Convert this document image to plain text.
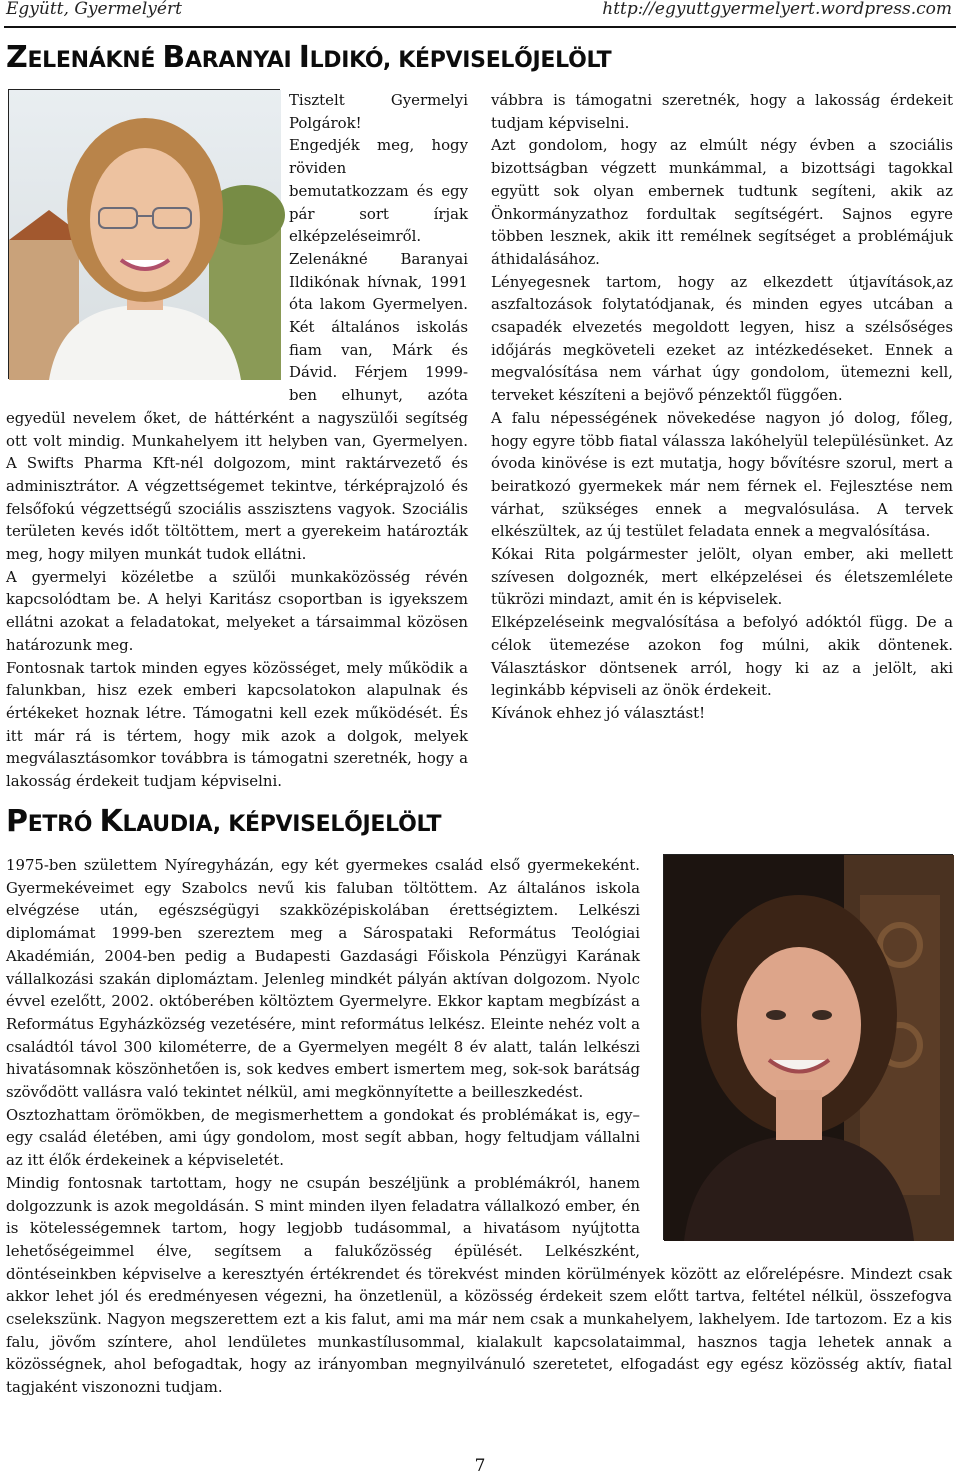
Együtt, Gyermelyért	http://egyuttgyermelyert.wordpress.com
ZELENÁKNÉ BARANYAI ILDIKÓ, KÉPVISELŐJELÖLT

Tisztelt Gyermelyi Polgárok!

Engedjék meg, hogy röviden bemutatkozzam és egy pár sort írjak elképzeléseimről. Zelenákné Baranyai Ildikónak hívnak, 1991 óta lakom Gyermelyen. Két általános iskolás fiam van, Márk és Dávid. Férjem 1999-ben elhunyt, azóta egyedül nevelem őket, de háttérként a nagyszülői segítség ott volt mindig. Munkahelyem itt helyben van, Gyermelyen. A Swifts Pharma Kft-nél dolgozom, mint raktárvezető és adminisztrátor. A végzettségemet tekintve, térképrajzoló és felsőfokú végzettségű szociális asszisztens vagyok. Szociális területen kevés időt töltöttem, mert a gyerekeim határozták meg, hogy milyen munkát tudok ellátni.

A gyermelyi közéletbe a szülői munkaközösség révén kapcsolódtam be. A helyi Karitász csoportban is igyekszem ellátni azokat a feladatokat, melyeket a társaimmal közösen határozunk meg.

Fontosnak tartok minden egyes közösséget, mely működik a falunkban, hisz ezek emberi kapcsolatokon alapulnak és értékeket hoznak létre. Támogatni kell ezek működését. És itt már rá is tértem, hogy mik azok a dolgok, melyek megválasztásomkor továbbra is támogatni szeretnék, hogy a lakosság érdekeit tudjam képviselni.

vábbra is támogatni szeretnék, hogy a lakosság érdekeit tudjam képviselni.

Azt gondolom, hogy az elmúlt négy évben a szociális bizottságban végzett munkámmal, a bizottsági tagokkal együtt sok olyan embernek tudtunk segíteni, akik az Önkormányzathoz fordultak segítségért. Sajnos egyre többen lesznek, akik itt remélnek segítséget a problémájuk áthidalásához.

Lényegesnek tartom, hogy az elkezdett útjavítások,az aszfaltozások folytatódjanak, és minden egyes utcában a csapadék elvezetés megoldott legyen, hisz a szélsőséges időjárás megköveteli ezeket az intézkedéseket. Ennek a megvalósítása nem várhat úgy gondolom, ütemezni kell, terveket készíteni a bejövő pénzektől függően.

A falu népességének növekedése nagyon jó dolog, főleg, hogy egyre több fiatal válassza lakóhelyül településünket. Az óvoda kinövése is ezt mutatja, hogy bővítésre szorul, mert a beiratkozó gyermekek már nem férnek el. Fejlesztése nem várhat, szükséges ennek a megvalósulása. A tervek elkészültek, az új testület feladata ennek a megvalósítása.

Kókai Rita polgármester jelölt, olyan ember, aki mellett szívesen dolgoznék, mert elképzelései és életszemlélete tükrözi mindazt, amit én is képviselek.

Elképzeléseink megvalósítása a befolyó adóktól függ. De a célok ütemezése azokon fog múlni, akik döntenek. Választáskor döntsenek arról, hogy ki az a jelölt, aki leginkább képviseli az önök érdekeit.

Kívánok ehhez jó választást!

PETRÓ KLAUDIA, KÉPVISELŐJELÖLT

1975-ben születtem Nyíregyházán, egy két gyermekes család első gyermekeként. Gyermekéveimet egy Szabolcs nevű kis faluban töltöttem. Az általános iskola elvégzése után, egészségügyi szakközépiskolában érettségiztem. Lelkészi diplomámat 1999-ben szereztem meg a Sárospataki Református Teológiai Akadémián, 2004-ben pedig a Budapesti Gazdasági Főiskola Pénzügyi Karának vállalkozási szakán diplomáztam. Jelenleg mindkét pályán aktívan dolgozom. Nyolc évvel ezelőtt, 2002. októberében költöztem Gyermelyre. Ekkor kaptam megbízást a Református Egyházközség vezetésére, mint református lelkész. Eleinte nehéz volt a családtól távol 300 kilométerre, de a Gyermelyen megélt 8 év alatt, talán lelkészi hivatásomnak köszönhetően is, sok kedves embert ismertem meg, sok-sok barátság szövődött vallásra való tekintet nélkül, ami megkönnyítette a beilleszkedést.

Osztozhattam örömökben, de megismerhettem a gondokat és problémákat is, egy–egy család életében, ami úgy gondolom, most segít abban, hogy feltudjam vállalni az itt élők érdekeinek a képviseletét.

Mindig fontosnak tartottam, hogy ne csupán beszéljünk a problémákról, hanem dolgozzunk is azok megoldásán. S mint minden ilyen feladatra vállalkozó ember, én is kötelességemnek tartom, hogy legjobb tudásommal, a hivatásom nyújtotta lehetőségeimmel élve, segítsem a falukőzösség épülését. Lelkészként, döntéseinkben képviselve a keresztyén értékrendet és törekvést minden körülmények között az előrelépésre. Mindezt csak akkor lehet jól és eredményesen végezni, ha önzetlenül, a közösség érdekeit szem előtt tartva, feltétel nélkül, összefogva cselekszünk. Nagyon megszerettem ezt a kis falut, ami ma már nem csak a munkahelyem, lakhelyem. Ide tartozom. Ez a kis falu, jövőm színtere, ahol lendületes munkastílusommal, kialakult kapcsolataimmal, hasznos tagja lehetek annak a közösségnek, ahol befogadtak, hogy az irányomban megnyilvánuló szeretetet, elfogadást egy egész közösség aktív, fiatal tagjaként viszonozni tudjam.

7
